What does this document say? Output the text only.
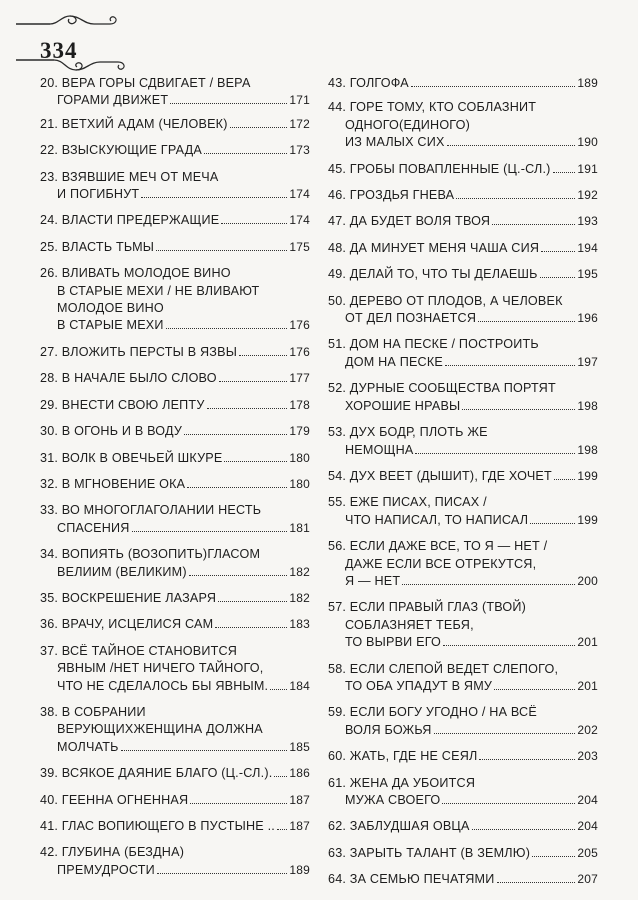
334
20. ВЕРА ГОРЫ СДВИГАЕТ / ВЕРА
ГОРАМИ ДВИЖЕТ	171
21. ВЕТХИЙ АДАМ (ЧЕЛОВЕК)	172
22. ВЗЫСКУЮЩИЕ ГРАДА	173
23. ВЗЯВШИЕ МЕЧ ОТ МЕЧА
И ПОГИБНУТ	174
24. ВЛАСТИ ПРЕДЕРЖАЩИЕ	174
25. ВЛАСТЬ ТЬМЫ	175
26. ВЛИВАТЬ МОЛОДОЕ ВИНО
В СТАРЫЕ МЕХИ / НЕ ВЛИВАЮТ
МОЛОДОЕ ВИНО
В СТАРЫЕ МЕХИ	176
27. ВЛОЖИТЬ ПЕРСТЫ В ЯЗВЫ	176
28. В НАЧАЛЕ БЫЛО СЛОВО	177
29. ВНЕСТИ СВОЮ ЛЕПТУ	178
30. В ОГОНЬ И В ВОДУ	179
31. ВОЛК В ОВЕЧЬЕЙ ШКУРЕ	180
32. В МГНОВЕНИЕ ОКА	180
33. ВО МНОГОГЛАГОЛАНИИ НЕСТЬ
СПАСЕНИЯ	181
34. ВОПИЯТЬ (ВОЗОПИТЬ)ГЛАСОМ
ВЕЛИИМ (ВЕЛИКИМ)	182
35. ВОСКРЕШЕНИЕ ЛАЗАРЯ	182
36. ВРАЧУ, ИСЦЕЛИСЯ САМ	183
37. ВСЁ ТАЙНОЕ СТАНОВИТСЯ
ЯВНЫМ /НЕТ НИЧЕГО ТАЙНОГО,
ЧТО НЕ СДЕЛАЛОСЬ БЫ ЯВНЫМ. 184
38. В СОБРАНИИ
ВЕРУЮЩИХЖЕНЩИНА ДОЛЖНА
МОЛЧАТЬ	185
39. ВСЯКОЕ ДАЯНИЕ БЛАГО (Ц.-СЛ.). 186
40. ГЕЕННА ОГНЕННАЯ	187
41. ГЛАС ВОПИЮЩЕГО В ПУСТЫНЕ .. 187
42. ГЛУБИНА (БЕЗДНА)
ПРЕМУДРОСТИ	189
43. ГОЛГОФА	189
44. ГОРЕ ТОМУ, КТО СОБЛАЗНИТ
ОДНОГО(ЕДИНОГО)
ИЗ МАЛЫХ СИХ	190
45. ГРОБЫ ПОВАПЛЕННЫЕ (Ц.-СЛ.) 191
46. ГРОЗДЬЯ ГНЕВА	192
47. ДА БУДЕТ ВОЛЯ ТВОЯ	193
48. ДА МИНУЕТ МЕНЯ ЧАША СИЯ	194
49. ДЕЛАЙ ТО, ЧТО ТЫ ДЕЛАЕШЬ	195
50. ДЕРЕВО ОТ ПЛОДОВ, А ЧЕЛОВЕК
ОТ ДЕЛ ПОЗНАЕТСЯ	196
51. ДОМ НА ПЕСКЕ / ПОСТРОИТЬ
ДОМ НА ПЕСКЕ	197
52. ДУРНЫЕ СООБЩЕСТВА ПОРТЯТ
ХОРОШИЕ НРАВЫ	198
53. ДУХ БОДР, ПЛОТЬ ЖЕ
НЕМОЩНА	198
54. ДУХ ВЕЕТ (ДЫШИТ), ГДЕ ХОЧЕТ 199
55. ЕЖЕ ПИСАХ, ПИСАХ /
ЧТО НАПИСАЛ, ТО НАПИСАЛ	199
56. ЕСЛИ ДАЖЕ ВСЕ, ТО Я — НЕТ /
ДАЖЕ ЕСЛИ ВСЕ ОТРЕКУТСЯ,
Я — НЕТ	200
57. ЕСЛИ ПРАВЫЙ ГЛАЗ (ТВОЙ)
СОБЛАЗНЯЕТ ТЕБЯ,
ТО ВЫРВИ ЕГО	201
58. ЕСЛИ СЛЕПОЙ ВЕДЕТ СЛЕПОГО,
ТО ОБА УПАДУТ В ЯМУ	201
59. ЕСЛИ БОГУ УГОДНО / НА ВСЁ
ВОЛЯ БОЖЬЯ	202
60. ЖАТЬ, ГДЕ НЕ СЕЯЛ	203
61. ЖЕНА ДА УБОИТСЯ
МУЖА СВОЕГО	204
62. ЗАБЛУДШАЯ ОВЦА	204
63. ЗАРЫТЬ ТАЛАНТ (В ЗЕМЛЮ)	205
64. ЗА СЕМЬЮ ПЕЧАТЯМИ	207
